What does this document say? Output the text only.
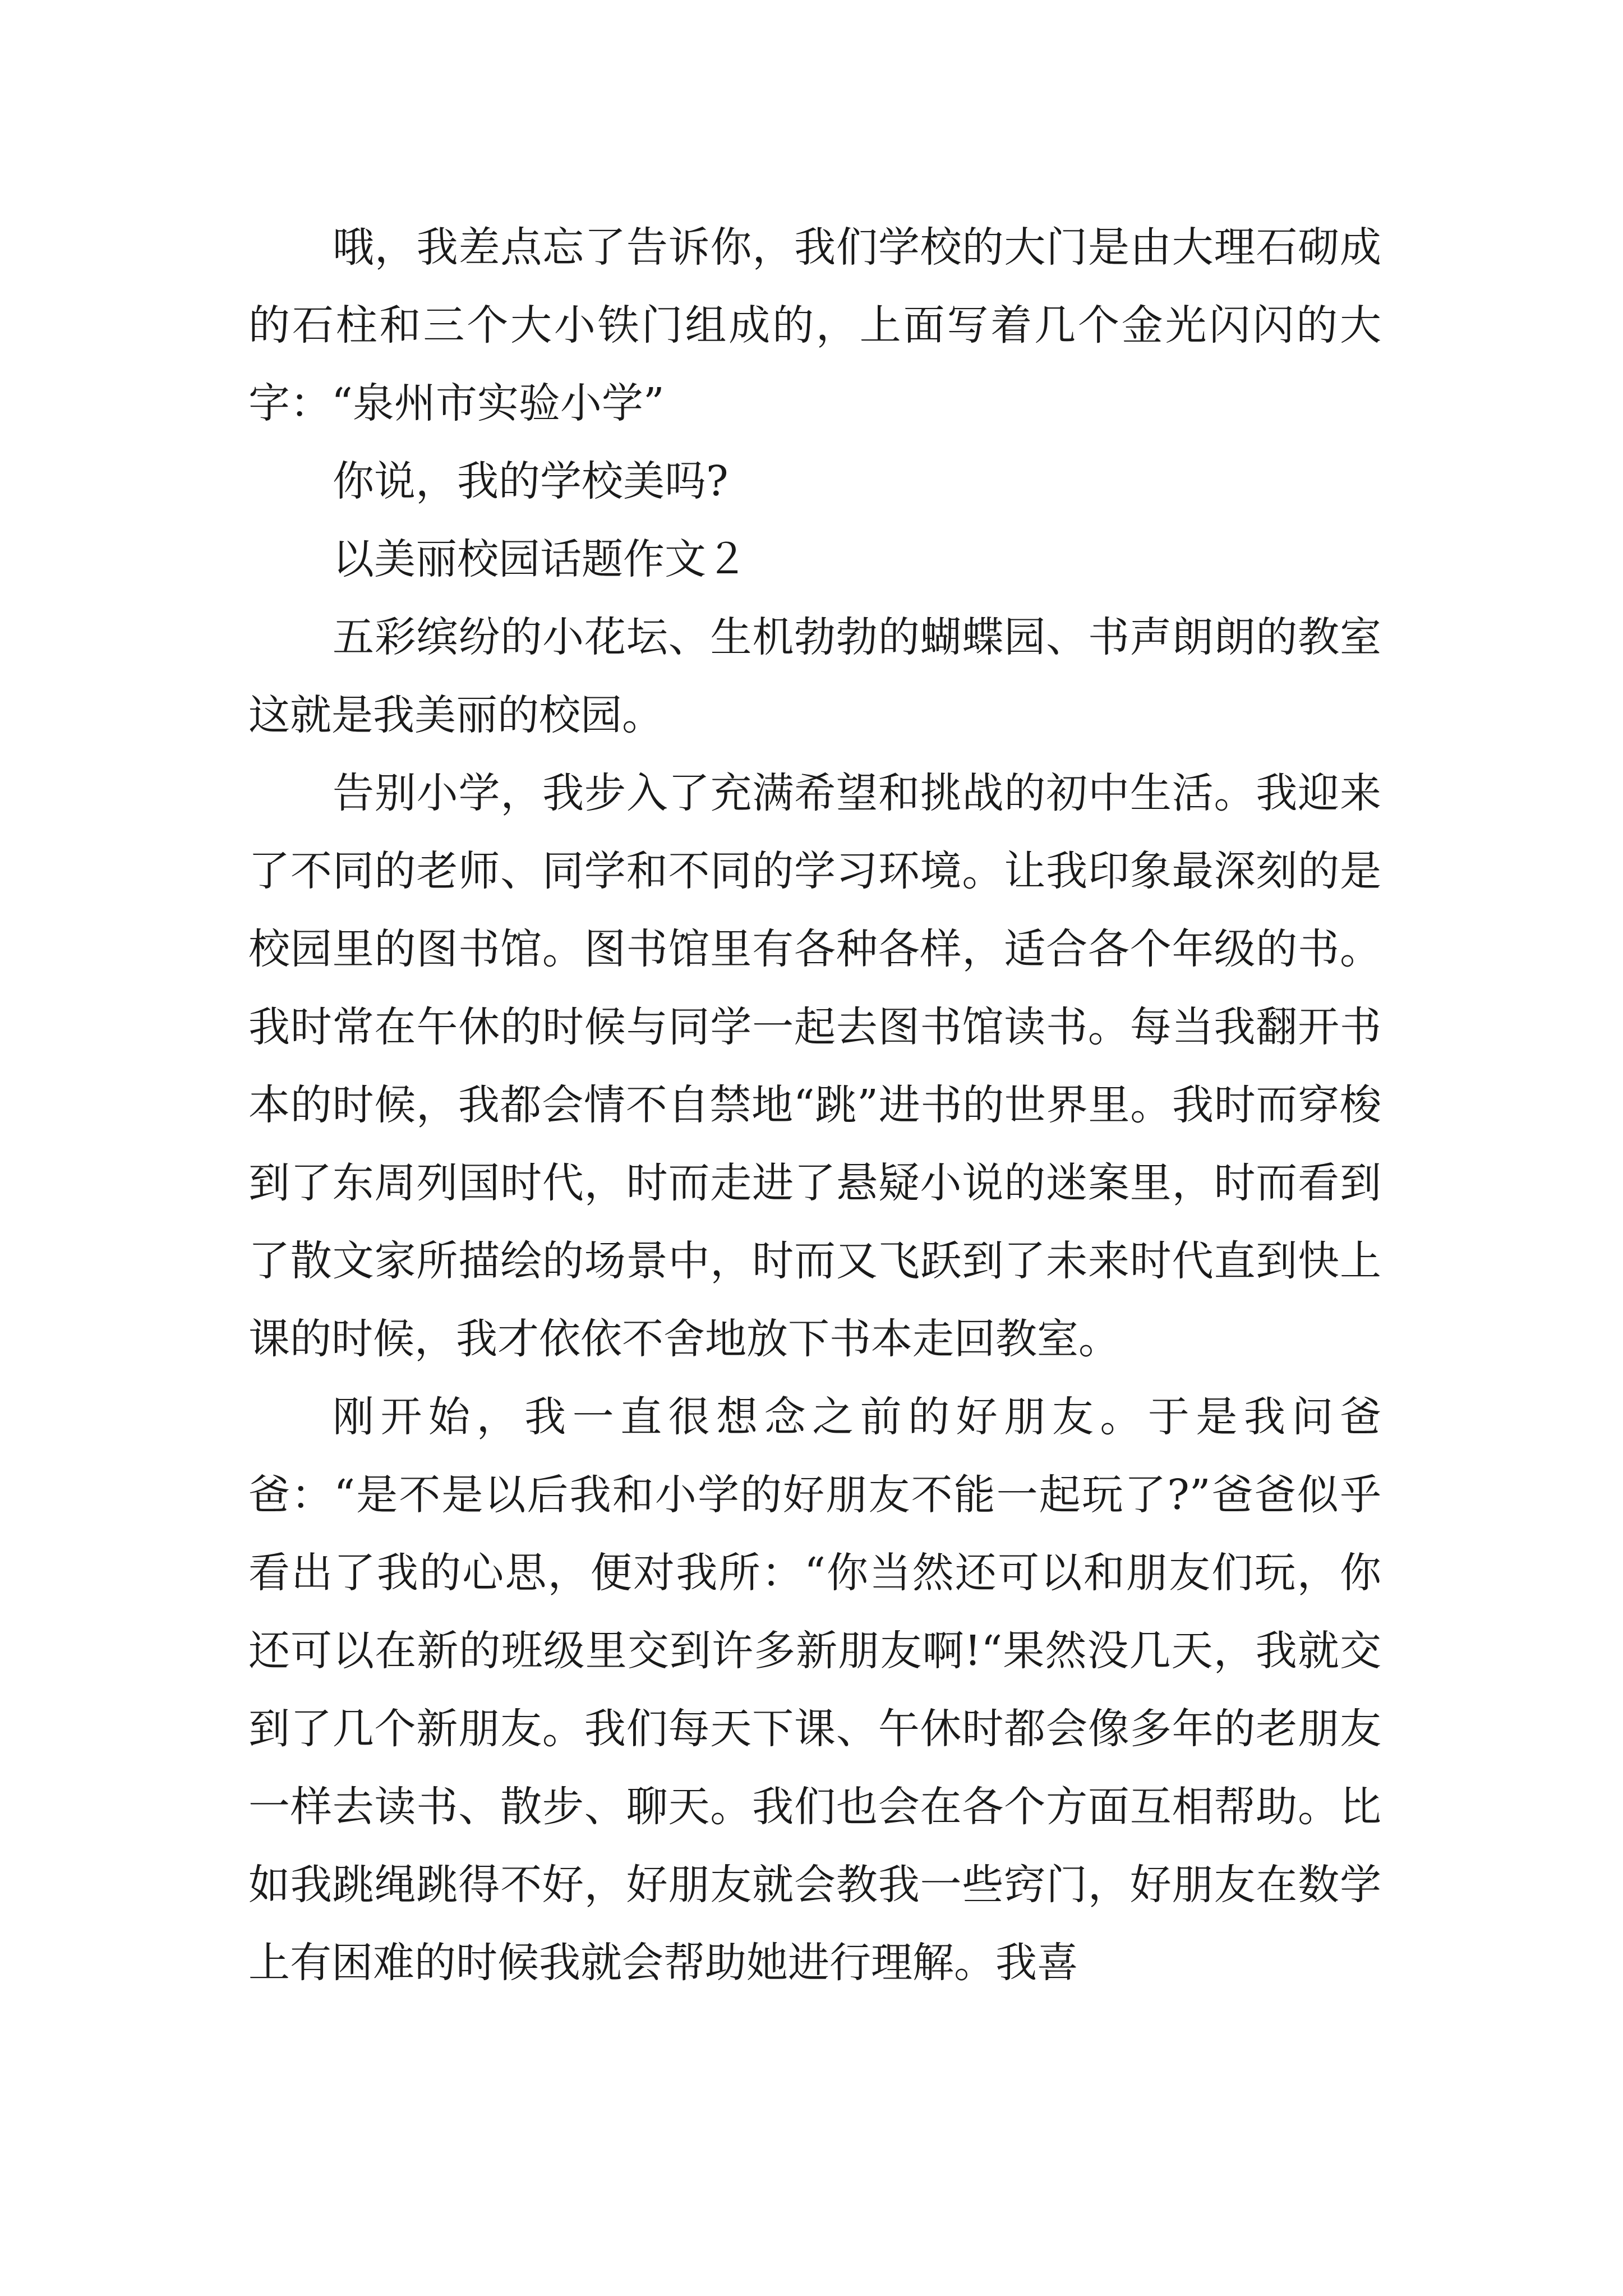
哦，我差点忘了告诉你，我们学校的大门是由大理石砌成的石柱和三个大小铁门组成的，上面写着几个金光闪闪的大字：“泉州市实验小学”

你说，我的学校美吗?

以美丽校园话题作文２

五彩缤纷的小花坛、生机勃勃的蝴蝶园、书声朗朗的教室这就是我美丽的校园。

告别小学，我步入了充满希望和挑战的初中生活。我迎来了不同的老师、同学和不同的学习环境。让我印象最深刻的是校园里的图书馆。图书馆里有各种各样，适合各个年级的书。我时常在午休的时候与同学一起去图书馆读书。每当我翻开书本的时候，我都会情不自禁地“跳”进书的世界里。我时而穿梭到了东周列国时代，时而走进了悬疑小说的迷案里，时而看到了散文家所描绘的场景中，时而又飞跃到了未来时代直到快上课的时候，我才依依不舍地放下书本走回教室。

刚开始，我一直很想念之前的好朋友。于是我问爸爸：“是不是以后我和小学的好朋友不能一起玩了?”爸爸似乎看出了我的心思，便对我所：“你当然还可以和朋友们玩，你还可以在新的班级里交到许多新朋友啊!“果然没几天，我就交到了几个新朋友。我们每天下课、午休时都会像多年的老朋友一样去读书、散步、聊天。我们也会在各个方面互相帮助。比如我跳绳跳得不好，好朋友就会教我一些窍门，好朋友在数学上有困难的时候我就会帮助她进行理解。我喜
